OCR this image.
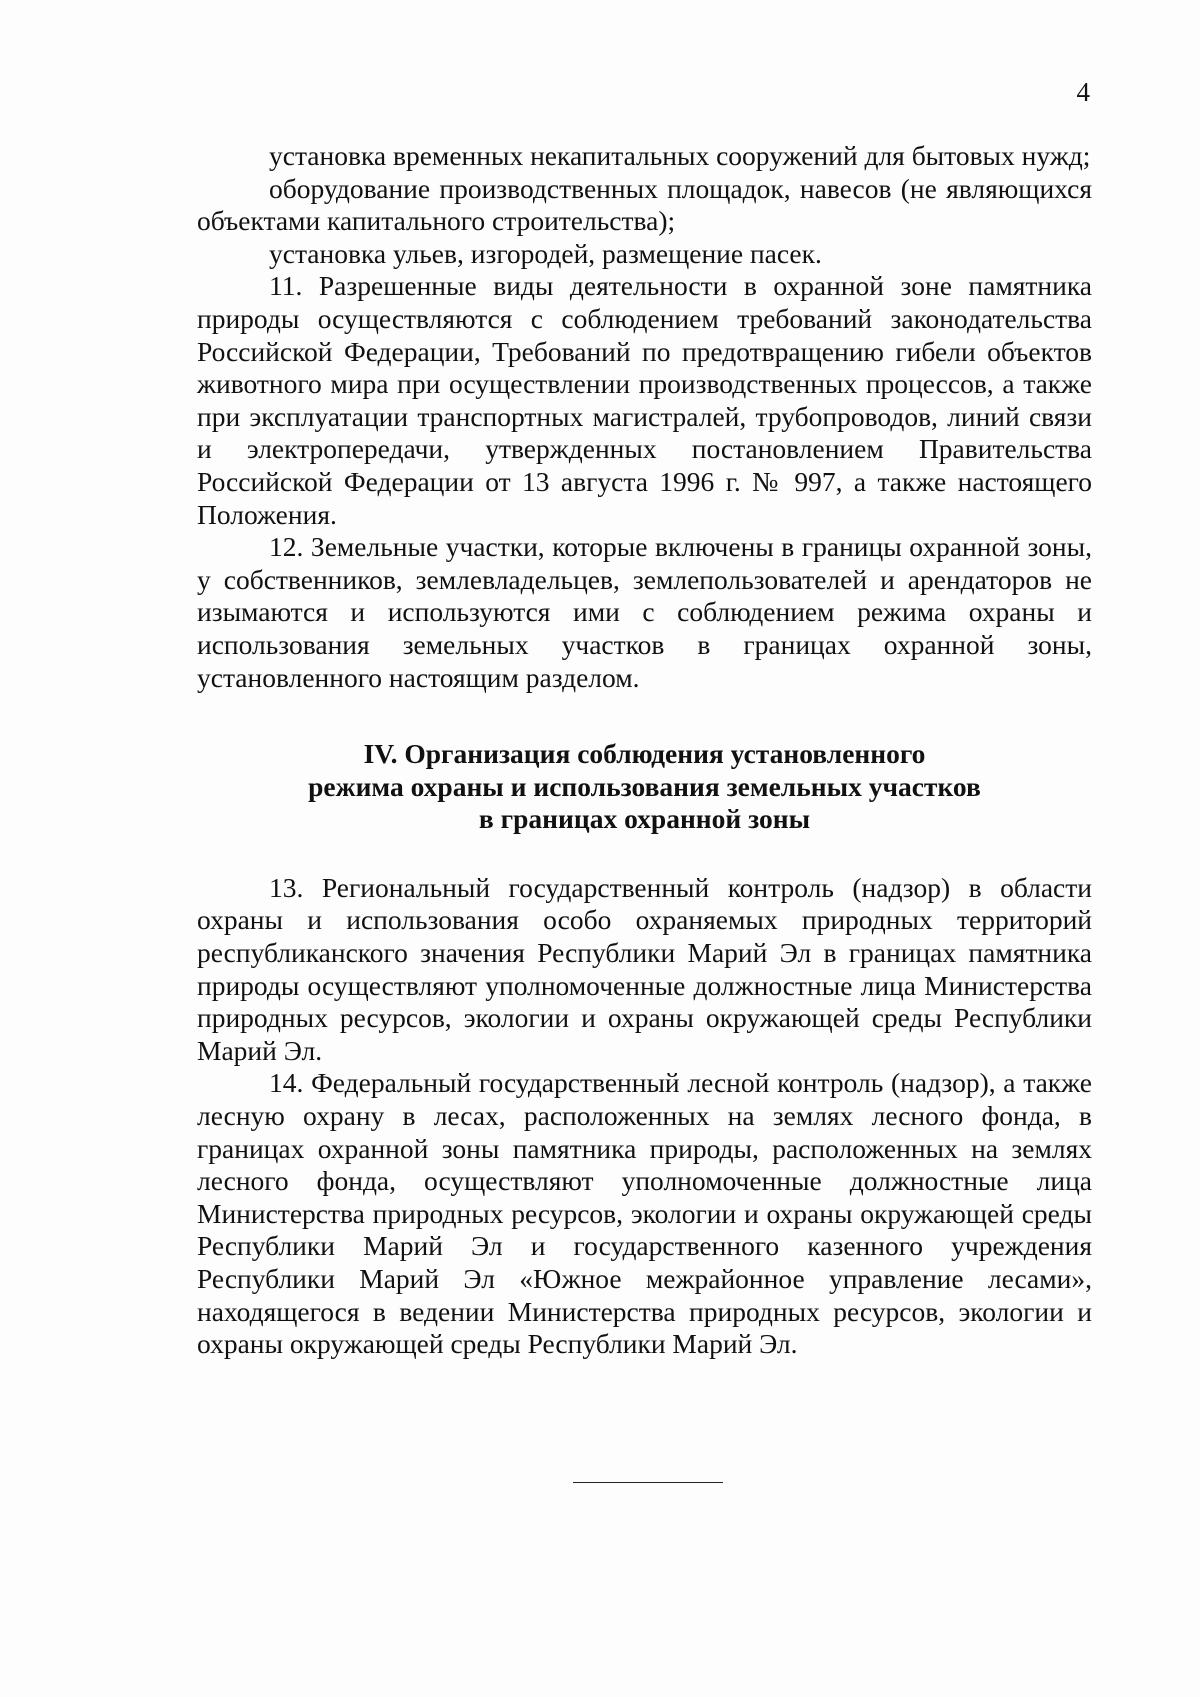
4

установка временных некапитальных сооружений для бытовых нужд;

оборудование производственных площадок, навесов (не являющихся объектами капитального строительства);

установка ульев, изгородей, размещение пасек.

11. Разрешенные виды деятельности в охранной зоне памятника природы осуществляются с соблюдением требований законодательства Российской Федерации, Требований по предотвращению гибели объектов животного мира при осуществлении производственных процессов, а также при эксплуатации транспортных магистралей, трубопроводов, линий связи и электропередачи, утвержденных постановлением Правительства Российской Федерации от 13 августа 1996 г. № 997, а также настоящего Положения.

12. Земельные участки, которые включены в границы охранной зоны, у собственников, землевладельцев, землепользователей и арендаторов не изымаются и используются ими с соблюдением режима охраны и использования земельных участков в границах охранной зоны, установленного настоящим разделом.

IV. Организация соблюдения установленного
режима охраны и использования земельных участков
в границах охранной зоны

13. Региональный государственный контроль (надзор) в области охраны и использования особо охраняемых природных территорий республиканского значения Республики Марий Эл в границах памятника природы осуществляют уполномоченные должностные лица Министерства природных ресурсов, экологии и охраны окружающей среды Республики Марий Эл.

14. Федеральный государственный лесной контроль (надзор), а также лесную охрану в лесах, расположенных на землях лесного фонда, в границах охранной зоны памятника природы, расположенных на землях лесного фонда, осуществляют уполномоченные должностные лица Министерства природных ресурсов, экологии и охраны окружающей среды Республики Марий Эл и государственного казенного учреждения Республики Марий Эл «Южное межрайонное управление лесами», находящегося в ведении Министерства природных ресурсов, экологии и охраны окружающей среды Республики Марий Эл.
